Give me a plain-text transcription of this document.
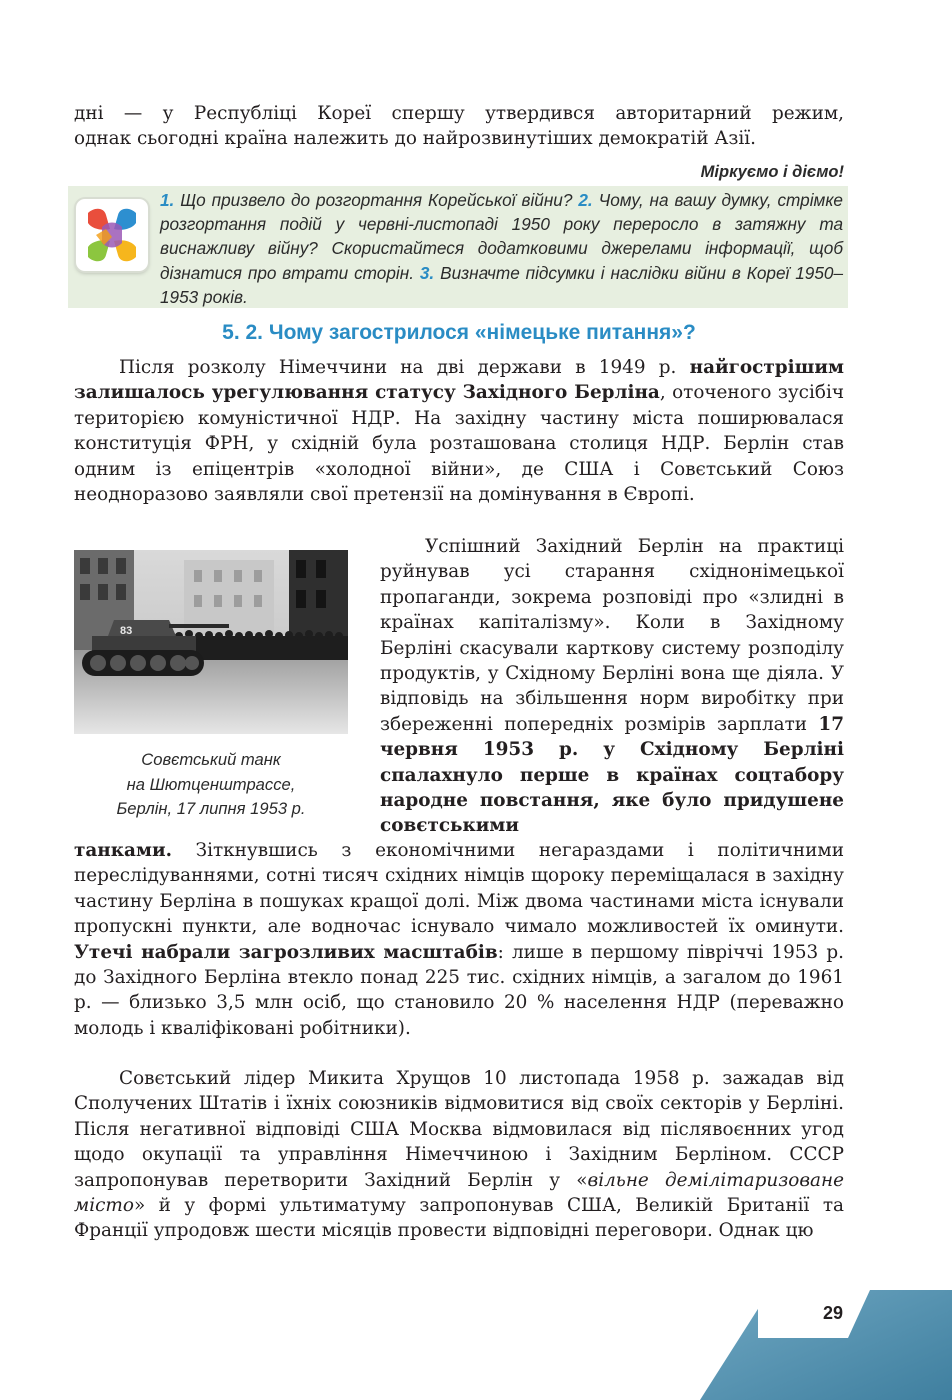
дні — у Республіці Кореї спершу утвердився авторитарний режим,

однак сьогодні країна належить до найрозвинутіших демократій Азії.

Міркуємо і діємо!

1. Що призвело до розгортання Корейської війни? 2. Чому, на вашу думку, стрімке розгортання подій у червні-листопаді 1950 року переросло в затяжну та виснажливу війну? Скористайтеся додатковими джерелами інформації, щоб дізнатися про втрати сторін. 3. Визначте підсумки і наслідки війни в Кореї 1950–1953 років.

5. 2. Чому загострилося «німецьке питання»?

Після розколу Німеччини на дві держави в 1949 р. найгострішим залишалось урегулювання статусу Західного Берліна, оточеного зусібіч територією комуністичної НДР. На західну частину міста поширювалася конституція ФРН, у східній була розташована столиця НДР. Берлін став одним із епіцентрів «холодної війни», де США і Совєтський Союз неодноразово заявляли свої претензії на домінування в Європі.

83

Совєтський танк
на Шютценштрассе,
Берлін, 17 липня 1953 р.

Успішний Західний Берлін на практиці руйнував усі старання східнонімецької пропаганди, зокрема розповіді про «злидні в країнах капіталізму». Коли в Західному Берліні скасували карткову систему розподілу продуктів, у Східному Берліні вона ще діяла. У відповідь на збільшення норм виробітку при збереженні попередніх розмірів зарплати 17 червня 1953 р. у Східному Берліні спалахнуло перше в країнах соцтабору народне повстання, яке було придушене совєтськими

танками. Зіткнувшись з економічними негараздами і політичними переслідуваннями, сотні тисяч східних німців щороку переміщалася в західну частину Берліна в пошуках кращої долі. Між двома частинами міста існували пропускні пункти, але водночас існувало чимало можливостей їх оминути. Утечі набрали загрозливих масштабів: лише в першому півріччі 1953 р. до Західного Берліна втекло понад 225 тис. східних німців, а загалом до 1961 р. — близько 3,5 млн осіб, що становило 20 % населення НДР (переважно молодь і кваліфіковані робітники).

Совєтський лідер Микита Хрущов 10 листопада 1958 р. зажадав від Сполучених Штатів і їхніх союзників відмовитися від своїх секторів у Берліні. Після негативної відповіді США Москва відмовилася від післявоєнних угод щодо окупації та управління Німеччиною і Західним Берліном. СССР запропонував перетворити Західний Берлін у «вільне демілітаризоване місто» й у формі ультиматуму запропонував США, Великій Британії та Франції упродовж шести місяців провести відповідні переговори. Однак цю

29
